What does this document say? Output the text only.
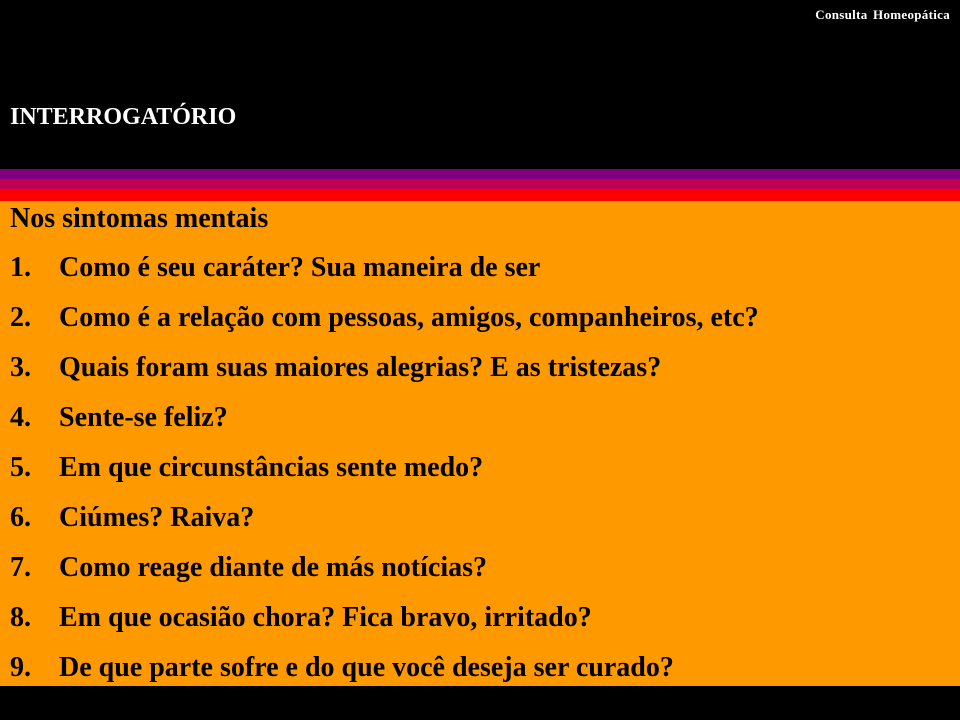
Consulta Homeopática
INTERROGATÓRIO
Nos sintomas mentais
1. Como é seu caráter? Sua maneira de ser
2. Como é a relação com pessoas, amigos, companheiros, etc?
3. Quais foram suas maiores alegrias? E as tristezas?
4. Sente-se feliz?
5. Em que circunstâncias sente medo?
6. Ciúmes? Raiva?
7. Como reage diante de más notícias?
8. Em que ocasião chora? Fica bravo, irritado?
9. De que parte sofre e do que você deseja ser curado?
